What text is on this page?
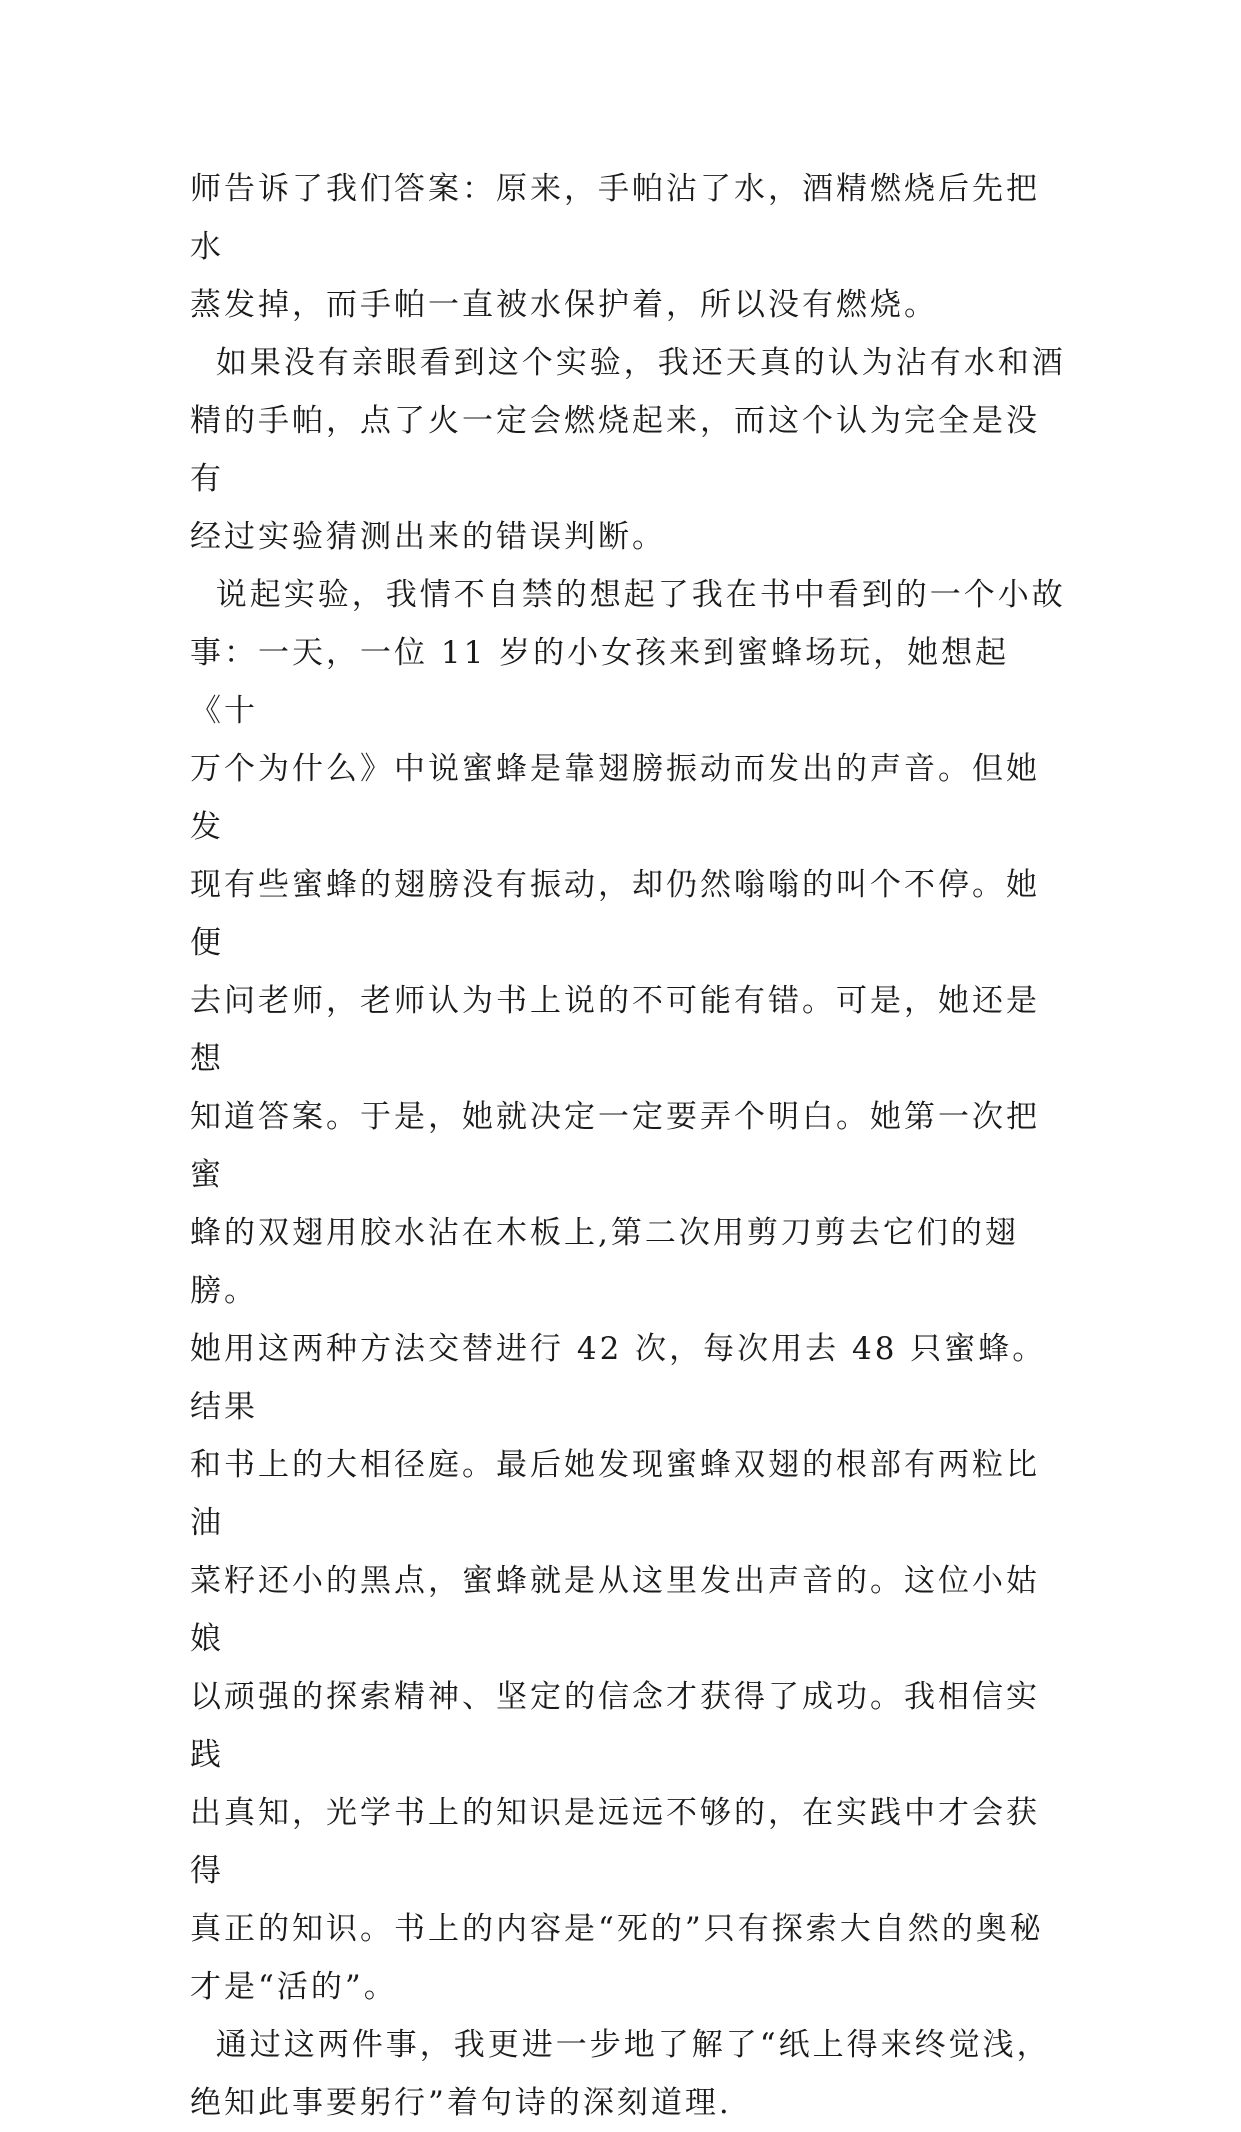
师告诉了我们答案：原来，手帕沾了水，酒精燃烧后先把水
蒸发掉，而手帕一直被水保护着，所以没有燃烧。

如果没有亲眼看到这个实验，我还天真的认为沾有水和酒
精的手帕，点了火一定会燃烧起来，而这个认为完全是没有
经过实验猜测出来的错误判断。

说起实验，我情不自禁的想起了我在书中看到的一个小故
事：一天，一位 11 岁的小女孩来到蜜蜂场玩，她想起《十
万个为什么》中说蜜蜂是靠翅膀振动而发出的声音。但她发
现有些蜜蜂的翅膀没有振动，却仍然嗡嗡的叫个不停。她便
去问老师，老师认为书上说的不可能有错。可是，她还是想
知道答案。于是，她就决定一定要弄个明白。她第一次把蜜
蜂的双翅用胶水沾在木板上,第二次用剪刀剪去它们的翅膀。
她用这两种方法交替进行 42 次，每次用去 48 只蜜蜂。结果
和书上的大相径庭。最后她发现蜜蜂双翅的根部有两粒比油
菜籽还小的黑点，蜜蜂就是从这里发出声音的。这位小姑娘
以顽强的探索精神、坚定的信念才获得了成功。我相信实践
出真知，光学书上的知识是远远不够的，在实践中才会获得
真正的知识。书上的内容是“死的”只有探索大自然的奥秘
才是“活的”。

通过这两件事，我更进一步地了解了“纸上得来终觉浅，
绝知此事要躬行”着句诗的深刻道理.
